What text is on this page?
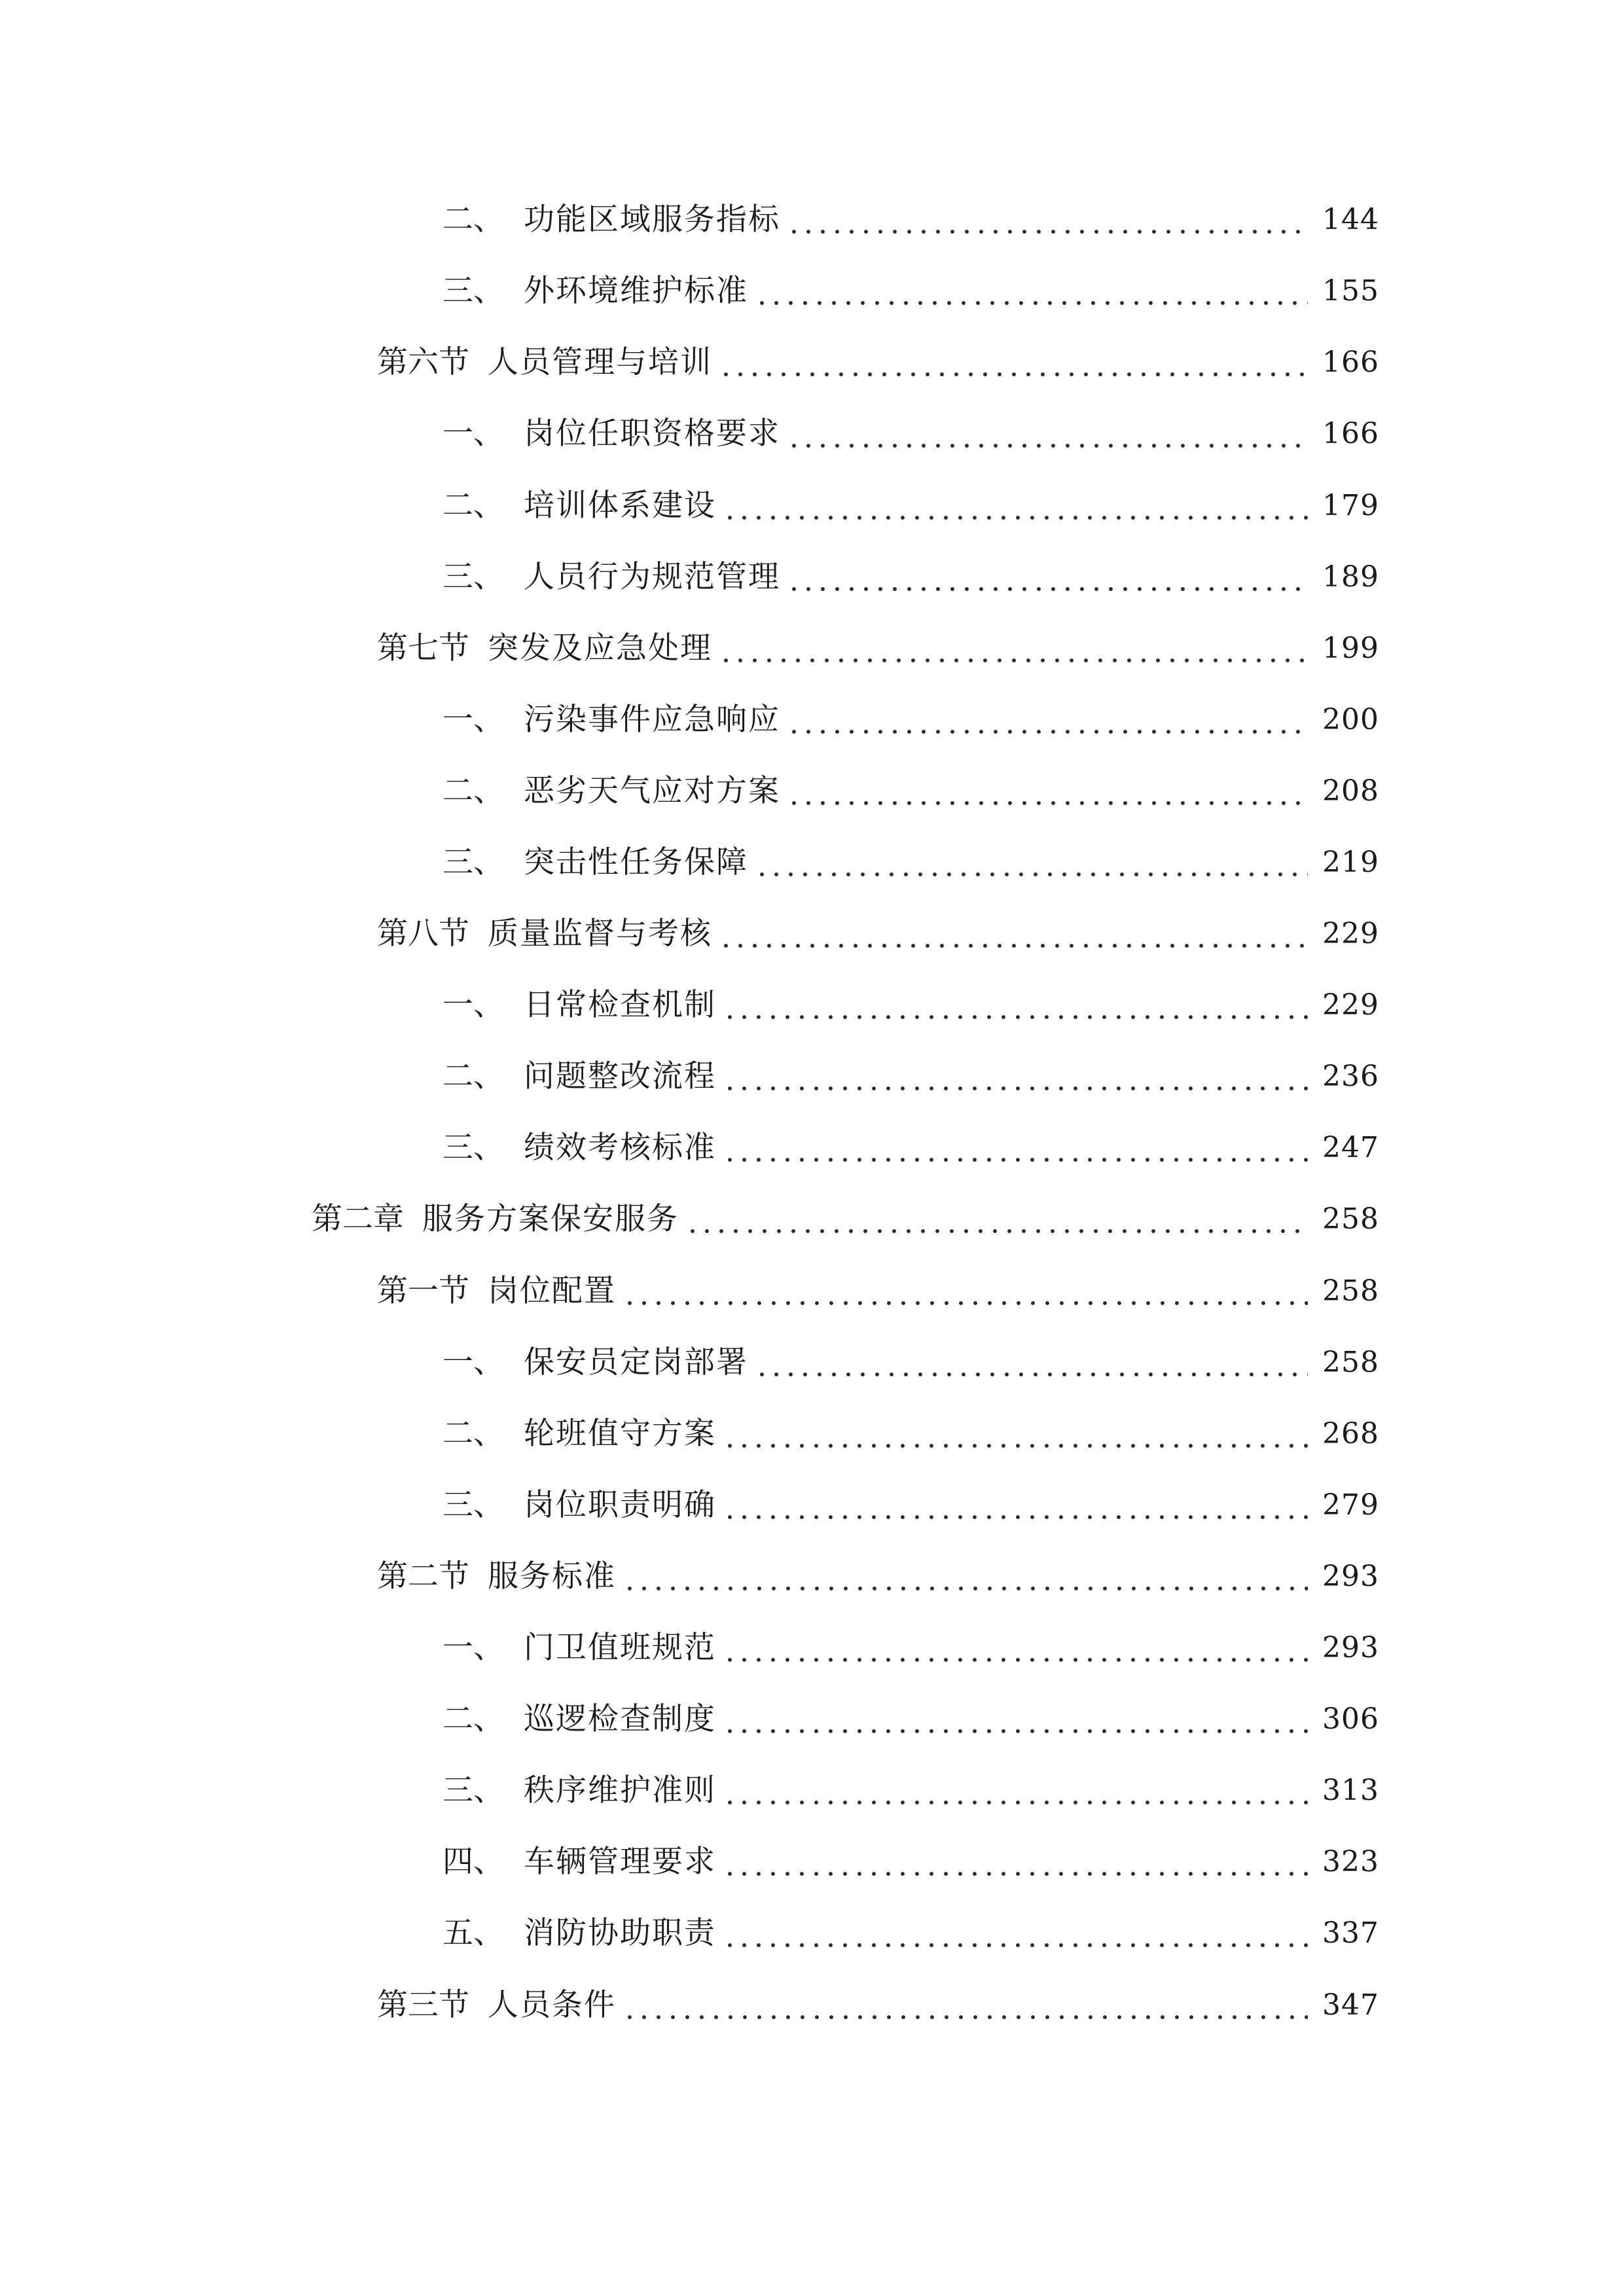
二、 功能区域服务指标	144
三、 外环境维护标准	155
第六节 人员管理与培训	166
一、 岗位任职资格要求	166
二、 培训体系建设	179
三、 人员行为规范管理	189
第七节 突发及应急处理	199
一、 污染事件应急响应	200
二、 恶劣天气应对方案	208
三、 突击性任务保障	219
第八节 质量监督与考核	229
一、 日常检查机制	229
二、 问题整改流程	236
三、 绩效考核标准	247
第二章 服务方案保安服务	258
第一节 岗位配置	258
一、 保安员定岗部署	258
二、 轮班值守方案	268
三、 岗位职责明确	279
第二节 服务标准	293
一、 门卫值班规范	293
二、 巡逻检查制度	306
三、 秩序维护准则	313
四、 车辆管理要求	323
五、 消防协助职责	337
第三节 人员条件	347
